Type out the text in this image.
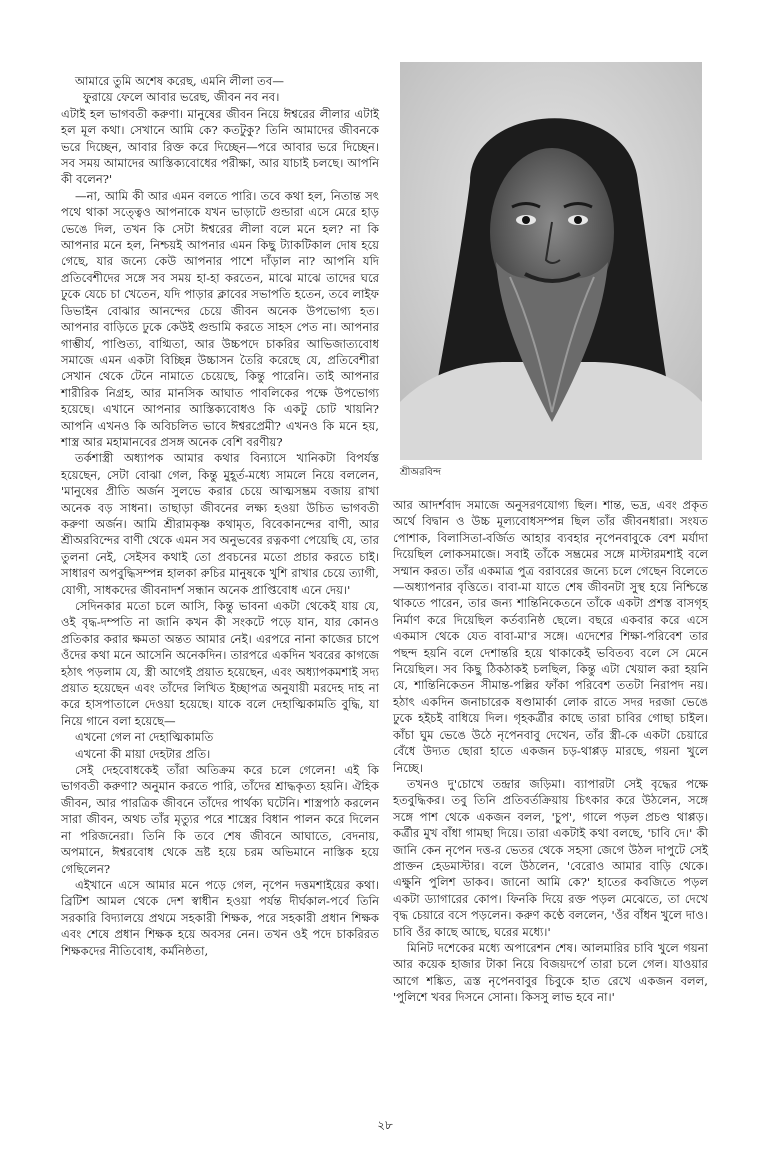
আমারে তুমি অশেষ করেছ, এমনি লীলা তব—

ফুরায়ে ফেলে আবার ভরেছ, জীবন নব নব।

এটাই হল ভাগবতী করুণা। মানুষের জীবন নিয়ে ঈশ্বরের লীলার এটাই হল মূল কথা। সেখানে আমি কে? কতটুকু? তিনি আমাদের জীবনকে ভরে দিচ্ছেন, আবার রিক্ত করে দিচ্ছেন—পরে আবার ভরে দিচ্ছেন। সব সময় আমাদের আস্তিক্যবোধের পরীক্ষা, আর যাচাই চলছে। আপনি কী বলেন?'

—না, আমি কী আর এমন বলতে পারি। তবে কথা হল, নিতান্ত সৎ পথে থাকা সত্ত্বেও আপনাকে যখন ভাড়াটে গুন্ডারা এসে মেরে হাড় ভেঙে দিল, তখন কি সেটা ঈশ্বরের লীলা বলে মনে হল? না কি আপনার মনে হল, নিশ্চয়ই আপনার এমন কিছু ট্যাকটিকাল দোষ হয়ে গেছে, যার জন্যে কেউ আপনার পাশে দাঁড়াল না? আপনি যদি প্রতিবেশীদের সঙ্গে সব সময় হা-হা করতেন, মাঝে মাঝে তাদের ঘরে ঢুকে যেচে চা খেতেন, যদি পাড়ার ক্লাবের সভাপতি হতেন, তবে লাইফ ডিভাইন বোঝার আনন্দের চেয়ে জীবন অনেক উপভোগ্য হত। আপনার বাড়িতে ঢুকে কেউই গুন্ডামি করতে সাহস পেত না। আপনার গাম্ভীর্য, পাণ্ডিত্য, বাগ্মিতা, আর উচ্চপদে চাকরির আভিজাত্যবোধ সমাজে এমন একটা বিচ্ছিন্ন উচ্চাসন তৈরি করেছে যে, প্রতিবেশীরা সেখান থেকে টেনে নামাতে চেয়েছে, কিন্তু পারেনি। তাই আপনার শারীরিক নিগ্রহ, আর মানসিক আঘাত পাবলিকের পক্ষে উপভোগ্য হয়েছে। এখানে আপনার আস্তিক্যবোধও কি একটু চোট খায়নি? আপনি এখনও কি অবিচলিত ভাবে ঈশ্বরপ্রেমী? এখনও কি মনে হয়, শাস্ত্র আর মহামানবের প্রসঙ্গ অনেক বেশি বরণীয়?

তর্কশাস্ত্রী অধ্যাপক আমার কথার বিন্যাসে খানিকটা বিপর্যস্ত হয়েছেন, সেটা বোঝা গেল, কিন্তু মুহূর্ত-মধ্যে সামলে নিয়ে বললেন, 'মানুষের প্রীতি অর্জন সুলভে করার চেয়ে আত্মসম্ভ্রম বজায় রাখা অনেক বড় সাধনা। তাছাড়া জীবনের লক্ষ্য হওয়া উচিত ভাগবতী করুণা অর্জন। আমি শ্রীরামকৃষ্ণ কথামৃত, বিবেকানন্দের বাণী, আর শ্রীঅরবিন্দের বাণী থেকে এমন সব অনুভবের রত্নকণা পেয়েছি যে, তার তুলনা নেই, সেইসব কথাই তো প্রবচনের মতো প্রচার করতে চাই। সাধারণ অপবুদ্ধিসম্পন্ন হালকা রুচির মানুষকে খুশি রাখার চেয়ে ত্যাগী, যোগী, সাধকদের জীবনাদর্শ সন্ধান অনেক প্রাপ্তিবোধ এনে দেয়।'

সেদিনকার মতো চলে আসি, কিন্তু ভাবনা একটা থেকেই যায় যে, ওই বৃদ্ধ-দম্পতি না জানি কখন কী সংকটে পড়ে যান, যার কোনও প্রতিকার করার ক্ষমতা অন্তত আমার নেই। এরপরে নানা কাজের চাপে ওঁদের কথা মনে আসেনি অনেকদিন। তারপরে একদিন খবরের কাগজে হঠাৎ পড়লাম যে, স্ত্রী আগেই প্রয়াত হয়েছেন, এবং অধ্যাপকমশাই সদ্য প্রয়াত হয়েছেন এবং তাঁদের লিখিত ইচ্ছাপত্র অনুযায়ী মরদেহ দাহ না করে হাসপাতালে দেওয়া হয়েছে। যাকে বলে দেহাত্মিকামতি বুদ্ধি, যা নিয়ে গানে বলা হয়েছে—

এখনো গেল না দেহাত্মিকামতি

এখনো কী মায়া দেহটার প্রতি।

সেই দেহবোধকেই তাঁরা অতিক্রম করে চলে গেলেন! এই কি ভাগবতী করুণা? অনুমান করতে পারি, তাঁদের শ্রাদ্ধকৃত্য হয়নি। ঐহিক জীবন, আর পারত্রিক জীবনে তাঁদের পার্থক্য ঘটেনি। শাস্ত্রপাঠ করলেন সারা জীবন, অথচ তাঁর মৃত্যুর পরে শাস্ত্রের বিধান পালন করে দিলেন না পরিজনেরা। তিনি কি তবে শেষ জীবনে আঘাতে, বেদনায়, অপমানে, ঈশ্বরবোধ থেকে ভ্রষ্ট হয়ে চরম অভিমানে নাস্তিক হয়ে গেছিলেন?

এইখানে এসে আমার মনে পড়ে গেল, নৃপেন দত্তমশাইয়ের কথা। ব্রিটিশ আমল থেকে দেশ স্বাধীন হওয়া পর্যন্ত দীর্ঘকাল-পর্বে তিনি সরকারি বিদ্যালয়ে প্রথমে সহকারী শিক্ষক, পরে সহকারী প্রধান শিক্ষক এবং শেষে প্রধান শিক্ষক হয়ে অবসর নেন। তখন ওই পদে চাকরিরত শিক্ষকদের নীতিবোধ, কর্মনিষ্ঠতা,

শ্রীঅরবিন্দ

আর আদর্শবাদ সমাজে অনুসরণযোগ্য ছিল। শান্ত, ভদ্র, এবং প্রকৃত অর্থে বিদ্বান ও উচ্চ মূল্যবোধসম্পন্ন ছিল তাঁর জীবনধারা। সংযত পোশাক, বিলাসিতা-বর্জিত আহার ব্যবহার নৃপেনবাবুকে বেশ মর্যাদা দিয়েছিল লোকসমাজে। সবাই তাঁকে সম্ভ্রমের সঙ্গে মাস্টারমশাই বলে সম্মান করত। তাঁর একমাত্র পুত্র বরাবরের জন্যে চলে গেছেন বিলেতে—অধ্যাপনার বৃত্তিতে। বাবা-মা যাতে শেষ জীবনটা সুস্থ হয়ে নিশ্চিন্তে থাকতে পারেন, তার জন্য শান্তিনিকেতনে তাঁকে একটা প্রশস্ত বাসগৃহ নির্মাণ করে দিয়েছিল কর্তব্যনিষ্ঠ ছেলে। বছরে একবার করে এসে একমাস থেকে যেত বাবা-মা'র সঙ্গে। এদেশের শিক্ষা-পরিবেশ তার পছন্দ হয়নি বলে দেশান্তরি হয়ে থাকাকেই ভবিতব্য বলে সে মেনে নিয়েছিল। সব কিছু ঠিকঠাকই চলছিল, কিন্তু এটা খেয়াল করা হয়নি যে, শান্তিনিকেতন সীমান্ত-পল্লির ফাঁকা পরিবেশ ততটা নিরাপদ নয়। হঠাৎ একদিন জনাচারেক ষণ্ডামার্কা লোক রাতে সদর দরজা ভেঙে ঢুকে হইচই বাধিয়ে দিল। গৃহকর্ত্রীর কাছে তারা চাবির গোছা চাইল। কাঁচা ঘুম ভেঙে উঠে নৃপেনবাবু দেখেন, তাঁর স্ত্রী-কে একটা চেয়ারে বেঁধে উদ্যত ছোরা হাতে একজন চড়-থাপ্পড় মারছে, গয়না খুলে নিচ্ছে।

তখনও দু'চোখে তন্দ্রার জড়িমা। ব্যাপারটা সেই বৃদ্ধের পক্ষে হতবুদ্ধিকর। তবু তিনি প্রতিবর্তক্রিয়ায় চিৎকার করে উঠলেন, সঙ্গে সঙ্গে পাশ থেকে একজন বলল, 'চুপ', গালে পড়ল প্রচণ্ড থাপ্পড়। কর্ত্রীর মুখ বাঁধা গামছা দিয়ে। তারা একটাই কথা বলছে, 'চাবি দে।' কী জানি কেন নৃপেন দত্ত-র ভেতর থেকে সহসা জেগে উঠল দাপুটে সেই প্রাক্তন হেডমাস্টার। বলে উঠলেন, 'বেরোও আমার বাড়ি থেকে। এক্ষুনি পুলিশ ডাকব। জানো আমি কে?' হাতের কবজিতে পড়ল একটা ড্যাগারের কোপ। ফিনকি দিয়ে রক্ত পড়ল মেঝেতে, তা দেখে বৃদ্ধ চেয়ারে বসে পড়লেন। করুণ কণ্ঠে বললেন, 'ওঁর বাঁধন খুলে দাও। চাবি ওঁর কাছে আছে, ঘরের মধ্যে।'

মিনিট দশেকের মধ্যে অপারেশন শেষ। আলমারির চাবি খুলে গয়না আর কয়েক হাজার টাকা নিয়ে বিজয়দর্পে তারা চলে গেল। যাওয়ার আগে শঙ্কিত, ত্রস্ত নৃপেনবাবুর চিবুকে হাত রেখে একজন বলল, 'পুলিশে খবর দিসনে সোনা। কিসসু লাভ হবে না।'

২৮
